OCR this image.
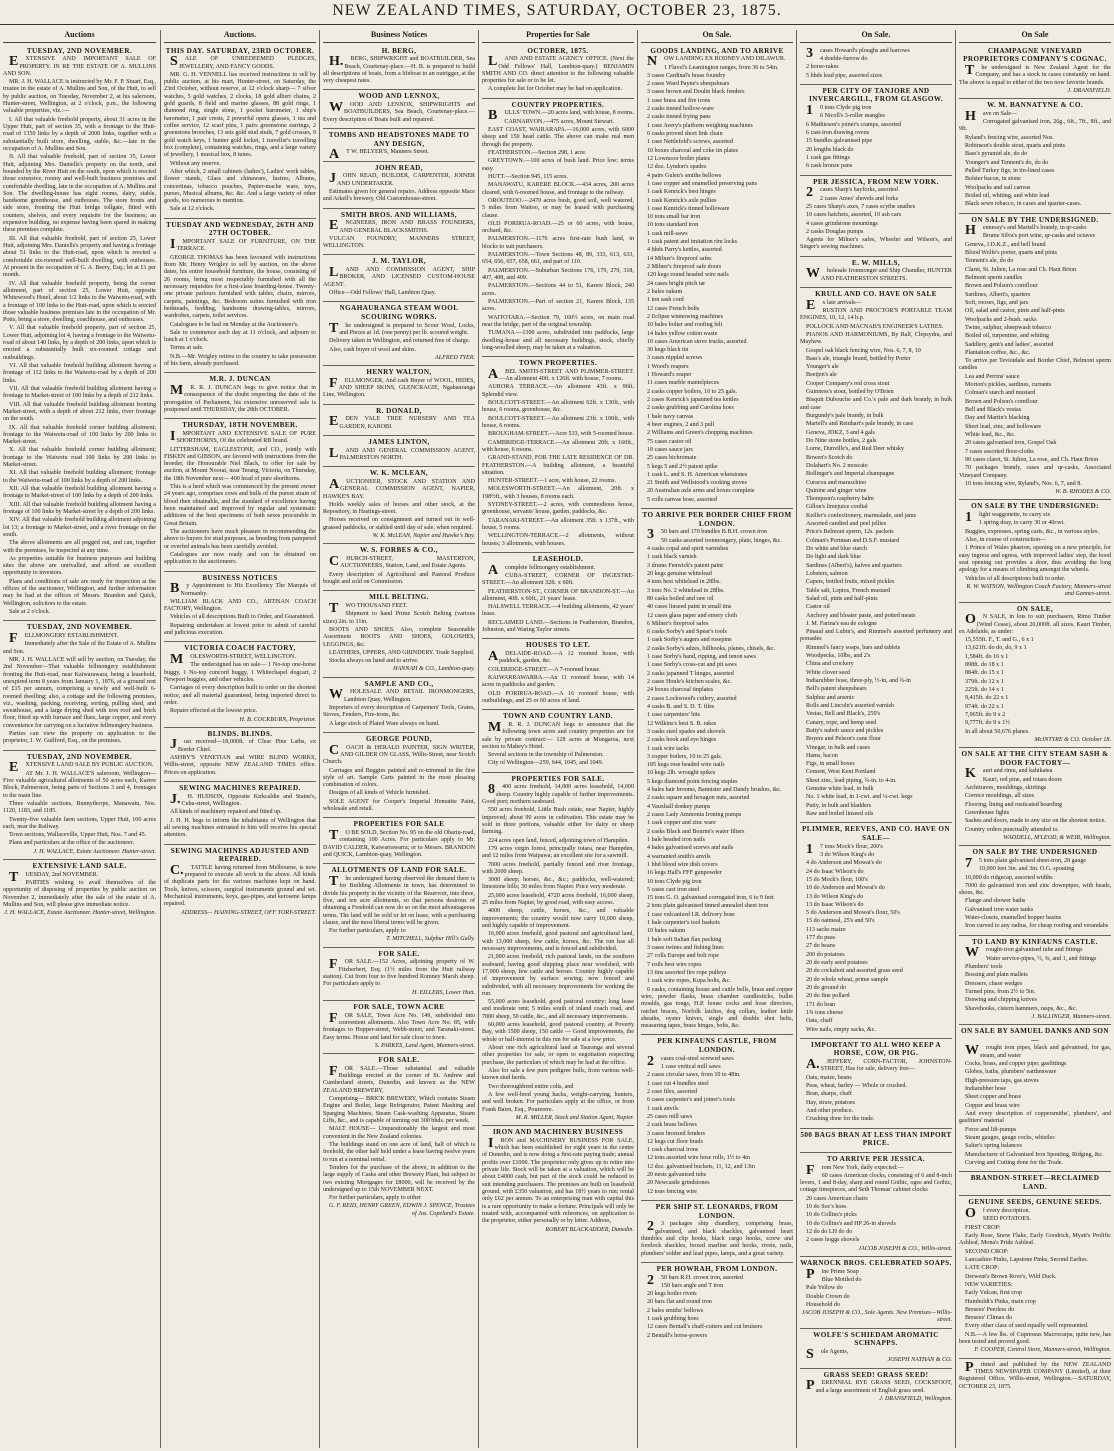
NEW ZEALAND TIMES, SATURDAY, OCTOBER 23, 1875.
Auctions
TUESDAY, 2ND NOVEMBER.

EXTENSIVE AND IMPORTANT SALE OF PROPERTY. IN RE THE ESTATE OF A. MULLINS AND SON.

MR. J. H. WALLACE is instructed by Mr. F. P. Stuart, Esq., trustee in the estate of A. Mullins and Son, of the Hutt, to sell by public auction, on Tuesday, November 2, at his saleroom, Hunter-street, Wellington, at 2 o'clock, p.m., the following valuable properties, viz.:—

I. All that valuable freehold property, about 31 acres in the Upper Hutt, part of section 35, with a frontage to the Hutt-road of 1350 links by a depth of 2000 links, together with a substantially built store, dwelling, stable, &c.—late in the occupation of A. Mullins and Son.

II. All that valuable freehold, part of section 35, Lower Hutt, adjoining Mrs. Daniells's property on the north, and bounded by the River Hutt on the south, upon which is erected those extensive, roomy and well-built business premises and comfortable dwelling, late in the occupation of A. Mullins and Son. The dwelling-house has eight rooms, dairy, stable, handsome greenhouse, and outhouses. The store fronts and side store, fronting the Hutt bridge tollgate, fitted with counters, shelves, and every requisite for the business; an expensive building, no expense having been spared in making these premises complete.

III. All that valuable freehold, part of section 25, Lower Hutt, adjoining Mrs. Daniells's property and having a frontage about 51 links to the Hutt-road, upon which is erected a comfortable six-roomed well-built dwelling, with outhouses. At present in the occupation of G. A. Beery, Esq.; let at £1 per month.

IV. All that valuable freehold property, being the corner allotment, part of section 25, Lower Hutt, opposite Whitewood's Hotel, about 1/2 links to the Waiwetu-road, with a frontage of 100 links to the Hutt-road, upon which is erected those valuable business premises late in the occupation of Mr. Potts, being a store, dwelling, coachhouse, and outhouses.

V. All that valuable freehold property, part of section 25, Lower Hutt, adjoining lot 4, having a frontage to the Waiwetu-road of about 140 links, by a depth of 200 links, upon which is erected a substantially built six-roomed cottage and outbuildings.

VI. All that valuable freehold building allotment having a frontage of 112 links to the Waiwetu-road by a depth of 200 links.

VII. All that valuable freehold building allotment having a frontage to Market-street of 100 links by a depth of 212 links.

VIII. All that valuable freehold building allotment fronting Market-street, with a depth of about 212 links, river frontage on the south.

IX. All that valuable freehold corner building allotment; frontage to the Waiwetu-road of 100 links by 200 links to Market-street.

X. All that valuable freehold corner building allotment; frontage to the Waiwetu road 100 links by 200 links to Market-street.

XI. All that valuable freehold building allotment; frontage to the Waiwetu-road of 100 links by a depth of 200 links.

XII. All that valuable freehold building allotment having a frontage to Market-street of 100 links by a depth of 200 links.

XIII. All that valuable freehold building allotment having a frontage of 100 links by Market-street by a depth of 200 links.

XIV. All that valuable freehold building allotment adjoining lot 13; a frontage to Market-street, and a river frontage on the south.

The above allotments are all pegged out, and can, together with the premises, be inspected at any time.

As properties suitable for business purposes and building sites the above are unrivalled, and afford an excellent opportunity to investors.

Plans and conditions of sale are ready for inspection at the offices of the auctioneer, Wellington, and further information may be had at the offices of Messrs. Brandon and Quick, Wellington, solicitors to the estate.

Sale at 2 o'clock.

TUESDAY, 2ND NOVEMBER.

FELLMONGERY ESTABLISHMENT.

Immediately after the Sale of the Estate of A. Mullins and Son.

MR. J. H. WALLACE will sell by auction, on Tuesday, the 2nd November—That valuable fellmongery establishment fronting the Hutt-road, near Kaiwarawara, being a leasehold, unexpired term 8 years from January 1, 1876, at a ground rent of £15 per annum, comprising a newly and well-built 6-roomed dwelling; also, a cottage and the following premises, viz., washing, packing, receiving, sorting, pulling shed, and sweathouse, and a large drying shed with iron roof and brick floor, fitted up with furnace and flues, large copper, and every convenience for carrying on a lucrative fellmongery business.

Parties can view the property on application to the proprietor, J. W. Guilford, Esq., on the premises.

TUESDAY, 2ND NOVEMBER.

EXTENSIVE LAND SALE BY PUBLIC AUCTION.

AT Mr. J. H. WALLACE'S saleroom, Wellington— Five valuable agricultural allotments of 50 acres each, Karere Block, Palmerston, being parts of Sections 3 and 4, frontages to the main line.

Three valuable sections, Bunnythorpe, Manawatu, Nos. 1120, 1183, and 1185.

Twenty-five valuable farm sections, Upper Hutt, 100 acres each, near the Railway.

Town sections, Wallaceville, Upper Hutt, Nos. 7 and 45.

Plans and particulars at the office of the auctioneer.

J. H. WALLACE, Estate Auctioneer. Hunter-street.
EXTENSIVE LAND SALE.

TUESDAY, 2nd NOVEMBER.

PARTIES wishing to avail themselves of the opportunity of disposing of properties by public auction on November 2, immediately after the sale of the estate of A. Mullins and Son, will please give immediate notice.

J. H. WALLACE, Estate Auctioneer. Hunter-street, Wellington.
Auctions.
THIS DAY. SATURDAY, 23RD OCTOBER.

SALE OF UNREDEEMED PLEDGES, JEWELLERY, AND FANCY GOODS.

MR. G. H. VENNELL has received instructions to sell by public auction, at his mart, Hunter-street, on Saturday, the 23rd October, without reserve, at 12 o'clock sharp— 7 silver watches, 5 gold watches, 2 clocks, 18 gold albert chains, 2 gold guards, 8 field and marine glasses, 88 gold rings, 1 diamond ring, single stone, 1 pocket barometer, 1 ship's barometer, 1 pair crests, 2 powerful opera glasses, 1 tea and coffee service, 12 scarf pins, 1 pairs greenstone earrings, 2 greenstone brooches, 13 sets gold stud studs, 7 gold crosses, 9 gold watch keys, 1 hunter gold locket, 1 traveller's travelling box (complete), containing watches, rings, and a large variety of jewellery, 1 musical box, 8 tunes.

Without any reserve.

After which, 2 small cabinets (ladies'), Ladies' work tables, flower stands, Glass and chinaware, lustres, Albums, concertinas, tobacco pouches, Papier-mache ware, toys, purses, Musical albums, &c. &c. And a large variety of other goods, too numerous to mention.

Sale at 12 o'clock.

TUESDAY AND WEDNESDAY, 26TH AND 27TH OCTOBER.

IMPORTANT SALE OF FURNITURE, ON THE TERRACE.

GEORGE THOMAS has been favoured with instructions from Mr. Henry Wrigley to sell by auction, on the above dates, his entire household furniture, the house, consisting of 26 rooms, being most respectably furnished with all the necessary requisites for a first-class boarding-house. Twenty-one private parlours furnished with tables, chairs, mirrors, carpets, paintings, &c. Bedroom suites furnished with iron bedsteads, bedding, handsome drawing-tables, mirrors, wardrobes, carpets, toilet services.

Catalogues to be had on Monday at the Auctioneer's.

Sale to commence each day at 11 o'clock, and adjourn to lunch at 1 o'clock.

Terms at sale.

N.B.—Mr. Wrigley retires to the country to take possession of his farm, already purchased.

M.R. J. DUNCAN

MR. R. J. DUNCAN begs to give notice that in consequence of the doubt respecting the date of the prorogation of Parliament, his extensive unreserved sale is postponed until THURSDAY, the 28th OCTOBER.

THURSDAY, 18TH NOVEMBER.

IMPORTANT AND EXTENSIVE SALE OF PURE SHORTHORNS, Of the celebrated RB brand.

LITTERSHAM, EAGLESTONE, and CO., jointly with FISKEN and GIBSON, are favored with instructions from the breeder, the Honourable Niel Black, to offer for sale by auction, at Mount Noorat, near Terang, Victoria, on Thursday, the 18th November next— 400 head of pure shorthorns.

This is a herd which was commenced by the present owner 24 years ago, comprises cows and bulls of the purest strain of blood then obtainable, and the standard of excellence having been maintained and improved by regular and systematic additions of the best specimens of both sexes procurable in Great Britain.

The auctioneers have much pleasure in recommending the above to buyers for stud purposes, as breeding from pampered or overfed animals has been carefully avoided.

Catalogues are now ready and can be obtained on application to the auctioneers.

BUSINESS NOTICES

By Appointment to His Excellency The Marquis of Normanby.

WILLIAM BLACK AND CO., ARTISAN COACH FACTORY, Wellington.

Vehicles of all descriptions Built to Order, and Guaranteed.

Repairing undertaken at lowest price to admit of careful and judicious execution.

VICTORIA COACH FACTORY,

MOLESWORTH-STREET, WELLINGTON.

The undersigned has on sale— 1 No-top one-horse buggy, 1 No-top concord buggy, 1 Whitechapel dogcart, 2 Newport buggies, and other vehicles.

Carriages of every description built to order on the shortest notice, and all material guaranteed, being imported direct to order.

Repairs effected at the lowest price.

H. B. COCKBURN, Proprietor.
BLINDS. BLINDS.

Just received—18,000ft. of Clear Pine Laths, ex Border Chief.

ASHBY'S VENETIAN and WIRE BLIND WORKS, Willis-street, opposite NEW ZEALAND TIMES office. Prices on application.

SEWING MACHINES REPAIRED.

J.H. HUDSON, Opposite Kirkcaldie and Staine's, Cuba-street, Wellington.

All kinds of machinery repaired and fitted up.

J. H. H. begs to inform the inhabitants of Wellington that all sewing machines entrusted to him will receive his special attention.

SEWING MACHINES ADJUSTED AND REPAIRED.

C.TATTLE having returned from Melbourne, is now prepared to execute all work in the above. All kinds of duplicate parts for the various machines kept on hand. Tools, knives, scissors, surgical instruments ground and set. Mechanical instruments, keys, gas-pipes, and kerosene lamps repaired.

ADDRESS— HAINING-STREET, OFF TORY-STREET.
Business Notices
H. BERG,

H.BERG, SHIPWRIGHT and BOATBUILDER, Sea Beach, Courtenay-place.—H. B. is prepared to build all descriptions of boats, from a lifeboat to an outrigger, at the very cheapest rates.

WOOD AND LENNOX,

WOOD AND LENNOX, SHIPWRIGHTS and BOATBUILDERS, Sea Beach, Courtenay-place.—Every description of Boats built and repaired.

TOMBS AND HEADSTONES MADE TO ANY DESIGN,

AT W. HELYER'S, Manners Street.

JOHN READ,

JOHN READ, BUILDER, CARPENTER, JOINER AND UNDERTAKER.

Estimates given for general repairs. Address opposite Mace and Arkell's brewery, Old Customhouse-street.

SMITH BROS. AND WILLIAMS,

ENGINEERS, IRON AND BRASS FOUNDERS, AND GENERAL BLACKSMITHS.

VULCAN FOUNDRY, MANNERS STREET, WELLINGTON.

J. M. TAYLOR,

LAND AND COMMISSION AGENT, SHIP BROKER, AND LICENSED CUSTOM-HOUSE AGENT.

Office—Odd Fellows' Hall, Lambton Quay.

NGAHAURANGA STEAM WOOL SCOURING WORKS.

The undersigned is prepared to Scour Wool, Locks, and Pieces at 1d. (one penny) per lb. scoured weight.

Delivery taken in Wellington, and returned free of charge.

Also, cash buyer of wool and skins.

ALFRED TYER.
HENRY WALTON,

FELLMONGER, And cash Buyer of WOOL, HIDES, AND SHEEP SKINS, GLENCRAGIE, Ngahauranga Line, Wellington.

R. DONALD,

EDEN VALE TREE NURSERY AND TEA GARDEN, KAROBI.

JAMES LINTON,

LAND AND GENERAL COMMISSION AGENT, PALMERSTON NORTH.

W. K. MCLEAN,

AUCTIONEER, STOCK AND STATION AND GENERAL COMMISSION AGENT, NAPIER, HAWKE'S BAY.

Holds weekly sales of horses and other stock, at the Repository, in Hastings-street.

Horses received on consignment and turned out in well-grassed paddocks, or stabled until day of sale, when required.

W. K. McLEAN, Napier and Hawke's Bay.
W. S. FORBES & CO.,

CHURCH-STREET, MASTERTON, AUCTIONEERS, Station, Land, and Estate Agents.

Every description of Agricultural and Pastoral Produce bought and sold on Commission.

MILL BELTING.

TWO THOUSAND FEET.

Shipment to hand Prime Scotch Belting (various sizes) 2in. to 11in.

BOOTS AND SHOES. Also, complete Seasonable Assortment BOOTS AND SHOES, GOLOSHES, LEGGINGS, &c.

LEATHERS, UPPERS, AND GRINDERY. Trade Supplied.

Stocks always on hand and to arrive.

HANNAH & CO., Lambton-quay.
SAMPLE AND CO.,

WHOLESALE AND RETAIL IRONMONGERS, Lambton Quay, Wellington.

Importers of every description of Carpenters' Tools, Grates, Stoves, Fenders, Fire-irons, &c.

A large stock of Plated Ware always on hand.

GEORGE POUND,

COACH & HERALD PAINTER, SIGN WRITER, AND GILDER ON GLASS, Willis-Street, near Scotch Church.

Carriages and Buggies painted and re-trimmed in the first style of art. Sample Carts painted in the most pleasing combination of colors.

Designs of all kinds of Vehicle furnished.

SOLE AGENT for Cooper's Imperial Hematite Paint, wholesale and retail.

PROPERTIES FOR SALE

TO BE SOLD, Section No. 95 on the old Ohariu-road, containing 100 Acres. For particulars apply to Mr. DAVID CALDER, Kaiwarrawarra; or to Messrs. BRANDON and QUICK, Lambton-quay, Wellington.

ALLOTMENTS OF LAND FOR SALE.

The undersigned having observed the demand there is for Building Allotments in town, has determined to divide his property in the vicinity of the Reservoir, into three, five, and ten acre allotments, so that persons desirous of obtaining a Freehold can now do so on the most advantageous terms. The land will be sold or let on lease, with a purchasing clause, and the most liberal terms will be given.

For further particulars, apply to

T. MITCHELL, Sulphur Hill's Gully.
FOR SALE.

FOR SALE.—152 Acres, adjoining property of W. Fitzherbert, Esq. (1½ miles from the Hutt railway station). Cut from four to five hundred Romney Marsh sheep. For particulars apply to

H. EILLERS, Lower Hutt.
FOR SALE, TOWN ACRE

FOR SALE, Town Acre No. 149, subdivided into convenient allotments. Also Town Acre No. 85, with frontages to Hopper-street, Webb-street, and Taranaki-street. Easy terms. House and land for sale close to town.

S. PARKES, Land Agent, Manners-street.
FOR SALE.

FOR SALE.—Those substantial and valuable Buildings erected at the corner of St. Andrew and Cumberland streets, Dunedin, and known as the NEW ZEALAND BREWERY,

Comprising— BRICK BREWERY, Which contains Steam Engine and Boiler, large Refrigerator, Patent Mashing and Sparging Machines, Steam Cask-washing Apparatus, Steam Lifts, &c., and is capable of turning out 300 bhds. per week.

MALT HOUSE— Unquestionably the largest and most convenient in the New Zealand colonies.

The buildings stand on one acre of land, half of which is freehold, the other half held under a lease having twelve years to run at a nominal rental.

Tenders for the purchase of the above, in addition to the large supply of Casks and other Brewery Plant, but subject to two existing Mortgages for £8000, will be received by the undersigned up to 15th NOVEMBER NEXT.

For further particulars, apply to either

G. F. REID, HENRY GREEN, EDWIN J. SPENCE, Trustees of Jas. Copeland's Estate.
Properties for Sale
OCTOBER, 1875.

LAND AND ESTATE AGENCY OFFICE. (Next the Odd Fellows' Hall, Lambton-quay.) BENJAMIN SMITH AND CO. direct attention to the following valuable properties for sale or to be let.

A complete list for October may be had on application.

COUNTRY PROPERTIES.

BULLS' TOWN.—20 acres land, with house, 8 rooms.

CARNARVON.—475 acres, Mount Stewart.

EAST COAST, WAIRARAPA.—16,000 acres, with 6000 sheep and 150 head cattle. The above can make real men through the property.

FEATHERSTON.—Section 298, 1 acre.

GREYTOWN.—100 acres of bush land. Price low; terms easy.

HUTT.—Section 945, 115 acres.

MANAWATU, KARERE BLOCK.—434 acres, 200 acres cleared, with 6-roomed house, and frontage to the railway.

OROUTEOO.—2470 acres bush, good soil, well watered, 5 miles from Waitoo, or may be leased with purchasing clause.

OLD PORIRUA-ROAD.—25 or 60 acres, with house, orchard, &c.

PALMERSTON.—1176 acres first-rate bush land, in blocks to suit purchasers.

PALMERSTON.—Town Sections 48, 89, 333, 613, 633, 654, 656, 657, 658, 661, and part of 110.

PALMERSTON.—Suburban Sections 176, 179, 279, 318, 407, 408, and 409.

PALMERSTON.—Sections 44 to 51, Karere Block, 240 acres.

PALMERSTON.—Part of section 21, Karere Block, 135 acres.

WAITOTARA.—Section 79, 160½ acres, on main road near the bridge, part of the original township.

TUMANA.—1300 acres, subdivided into paddocks, large dwelling-house and all necessary buildings, stock, chiefly long-woolled sheep, may be taken at a valuation.

TOWN PROPERTIES.

ABEL SMITH-STREET AND PLIMMER-STREET.—An allotment 40ft. x 126ft. with house, 7 rooms.

AURORA TERRACE.—An allotment 43ft. x 96ft. Splendid view.

BOULCOTT-STREET.—An allotment 62ft. x 130ft., with house, 6 rooms, greenhouse, &c.

BOULCOTT-STREET.—An allotment 23ft. x 100ft., with house, 6 rooms.

BROUGHAM-STREET.—Acre 533, with 5-roomed house.

CAMBRIDGE-TERRACE.—An allotment 20ft. x 160ft., with house, 6 rooms.

GRAND-STAND, FOR THE LATE RESIDENCE OF DR. FEATHERSTON.—A building allotment, a beautiful situation.

HUNTER-STREET.—1 acre, with house, 22 rooms.

MOLESWORTH-STREET.—An allotment, 20ft. x 198½ft., with 3 houses, 8 rooms each.

SYDNEY-STREET.—2 acres, with commodious house, greenhouse, servants' house, garden, paddocks, &c.

TARANAKI-STREET.—An allotment 35ft. x 137ft., with house, 5 rooms.

WELLINGTON-TERRACE.—2 allotments, without houses; 3 allotments, with houses.

LEASEHOLD.

Acomplete fellmongery establishment.

CUBA-STREET, CORNER OF INGESTRE-STREET.—An allotment 32ft. x 60ft.

FEATHERSTON-ST., CORNER OF BRANDON-ST.—An allotment, 40ft. x 60ft., 21 years' lease.

HALSWELL TERRACE.—4 building allotments, 42 years' lease.

RECLAIMED LAND.—Sections in Featherston, Brandon, Johnston, and Waring Taylor streets.

HOUSES TO LET.

ADELAIDE-ROAD.—A 12 roomed house, with paddock, garden, &c.

COLERIDGE-STREET.—A 7-roomed house.

KAIWARRAWARRA.—An 11 roomed house, with 14 acres in paddocks and garden.

OLD PORIRUA-ROAD.—A 16 roomed house, with outbuildings, and 25 or 60 acres of land.

TOWN AND COUNTRY LAND.

MR. R. J. DUNCAN begs to announce that the following town acres and country properties are for sale by private contract:— 128 acres at Mungaroa, next section to Mahey's Hotel.

Several sections in the township of Palmerston.

City of Wellington—259, 644, 1045, and 1049.

PROPERTIES FOR SALE.

8400 acres freehold, 14,000 acres leasehold, 14,000 sheep. Country highly capable of further improvements. Good port; northern seaboard.

550 acres freehold, Little Bush estate, near Napier, highly improved; about 90 acres in cultivation. This estate may be sold in three portions, valuable either for dairy or sheep farming.

224 acres open land, fenced, adjoining town of Hampden.

179 acres virgin forest, principally totara, near Hampden, and 12 miles from Waipawa; an excellent site for a sawmill.

7000 acres freehold, partially fenced and river frontage, with 2600 sheep.

3000 sheep; horses, &c., &c.; paddocks, well-watered; limestone hills; 30 miles from Napier. Price very moderate.

25,000 acres leasehold, 4720 acres freehold, 16,000 sheep, 25 miles from Napier, by good road, with easy access.

4000 sheep, cattle, horses, &c., and valuable improvements; the country would now carry 10,000 sheep, and highly capable of improvement.

16,000 acres freehold, good pastoral and agricultural land, with 13,000 sheep, few cattle, horses, &c. The run has all necessary improvements, and is fenced and subdivided.

21,000 acres freehold, rich pastoral lands, on the southern seaboard, having good shipping place near woolshed, with 17,000 sheep, few cattle and horses. Country highly capable of improvement by surface sowing; now fenced and subdivided, with all necessary improvements for working the run.

55,000 acres leasehold, good pastoral country; long lease and moderate rent; 5 miles south of inland coach road, and 7000 sheep, 50 cattle, &c., and all necessary improvements.

60,000 acres leasehold, good pastoral country, at Poverty Bay, with 1500 sheep, 150 cattle — Good improvements, the whole or half-interest in this run for sale at a low price.

About one rich agricultural land at Tauranga and several other properties for sale, or open to negotiation respecting purchase, the particulars of which may be had at the office.

Also for sale a few pure pedigree bulls, from various well-known stud herds.

Two thoroughbred entire colts, and

A few well-bred young hacks, weight-carrying, hunters, and well broken. For particulars apply at the office, or from Frank Bairn, Esq., Pourerere.

M. R. MILLER, Stock and Station Agent, Napier.
IRON AND MACHINERY BUSINESS

IRON and MACHINERY BUSINESS FOR SALE, which has been established for eight years in the centre of Dunedin, and is now doing a first-rate paying trade; annual profits over £1000. The proprietor only gives up to retire into private life. Stock will be taken at a valuation, which will be about £4000 cash, but part of the stock could be reduced to suit intending purchasers. The premises are built on leasehold ground, with £350 valuation, and has 18½ years to run; rental only £62 per annum. To an enterprising man with capital this is a rare opportunity to make a fortune. Principals will only be treated with, accompanied with references, on application to the proprietor, either personally or by letter. Address,

ROBERT BLACKADDER, Dunedin.
On Sale.
GOODS LANDING, AND TO ARRIVE

NOW LANDING EX RODNEY AND DILAWUR.

1 Flavel's Leamington ranges, from 36 to 54in.

3 cases Cardinal's brass foundry

2 cases Ward Payne's sheepshears

3 cases brown and Doulin black fenders

1 case brass and fire irons

2 casks tinned hollow-ware

2 casks tinned frying pans

1 case Avery's platform weighing machines

6 casks proved short link chain

1 case Nettlefold's screws, assorted

10 boxes charcoal and coke tin plates

12 Lowmoor boiler plates

12 doz. Lyndon's spades

4 pairs Gulen's smiths bellows

1 case copper and enamelled preserving pans

1 cask Kenrick's best hinges

1 cask Kenrick's axle pullies

1 case Kenrick's tinned holloware

10 tons small bar iron

10 tons standard iron

1 cask mill-saws

1 cask patent and imitation rim locks

4 hhds Parry's kettles, assorted

14 Milner's fireproof safes

2 Milner's fireproof safe doors

120 kegs round headed wire nails

24 cases bright pitch tar

2 bales oakum

1 ton sash cord

12 cases French bolts

2 Eclipse winnowing machines

10 bales bolter and roofing felt

14 bales yellow cotton waste

10 cases American stove trucks, assorted

30 kegs black tin

3 cases nippled screws

1 Wood's reapers

1 Howard's reaper

11 cases marble mantelpieces

2 casks copper boilers, 10 to 25 gals.

2 cases Kenrick's japanned tea kettles

2 casks grubbing and Carolina hoes

1 bale navy canvas

4 beer engines, 2 and 3 pull

2 Williams and Green's chopping machines

75 cases castor oil

10 cases sauce jars

25 cases bichromate

5 kegs 5 and 2½ patent spike

1 cask L. and S. H. American whetstones

21 Smith and Wellstood's cooking stoves

20 Australian axle arms and boxes complete

5 colls canvas hose, assorted

TO ARRIVE PER BORDER CHIEF FROM LONDON.

350 bars and 170 bundles B.B.H. crown iron

50 casks assorted ironmongery, plate, hinges, &c.

4 casks copal and spirit varnishes

1 cask black varnish

3 drums Fenwick's patent paint

20 kegs genuine whitelead

4 tons best whitelead in 28lbs.

3 tons No. 2 whitelead in 28lbs.

80 casks boiled and raw oil

40 cases linseed paint in small tins

12 cases glass paper and emery cloth

6 Milner's fireproof safes

6 casks Sorby's and Spear's tools

1 cask Sorby's augers and rosepins

2 casks Sorby's adzes, billhooks, planes, chisels, &c.

1 case Sorby's hand, ripping, and tenon saws

1 case Sorby's cross-cut and pit saws

2 casks japanned T hinges, assorted

2 cases Houle's kitchen scales, &c.

24 boxes charcoal tinplates

2 cases Lockwood's cutlery, assorted

4 casks B. and S. D. T. files

1 case carpenters' bits

12 Wilkins's best S. B. rakes

3 casks steel spades and shovels

2 casks hook and eye hinges

1 cask wire tacks

3 copper boilers, 10 to 25 gals.

185 kegs rose headed wire nails

10 kegs 2lb. wrought spikes

5 kegs diamond point fencing staples

4 bales hair brooms, Bannister and Dandy brushes, &c.

2 casks square and hexagon nuts, assorted

4 Vauxhall donkey pumps

2 cases Lady Ammonia Ironing pumps

1 cask copper and zinc ware

2 casks Black and Bourne's water filters

1 bale headed iron nails

4 bales galvanised screws and nails

4 warranted smith's anvils

1 hhd blood wire dish covers

16 kegs Hall's FFF gunpowder

10 tons Clyde pig iron

5 cases cast iron steel

15 tons G. O. galvanised corrugated iron, 6 to 9 feet

2 tons plain galvanised tinned annealed sheet iron

1 case vulcanized I.R. delivery hose

1 bale carpenter's tool baskets

10 bales oakum

1 bale soft Italian flax packing

3 cases twines and fishing lines

27 colls Europe and bolt rope

7 coils best wire ropes

13 tins assorted fire rope pulleys

1 cask wire ropes, Kupa bolts, &c.

6 casks, containing house and cattle bells, brass and copper wire, powder flasks, brass chamber candlesticks, bullet moulds, gas tongs, H.P. house cocks and hose directors, ratchet braces, Norfolk latches, dog collars, leather knife sheaths, oyster knives, single and double shot belts, measuring tapes, brass hinges, bolts, &c.

PER KINFAUNS CASTLE, FROM LONDON.

2cases coal-steel screwed saws

1 case vertical mill saws

2 cases circular saws, from 10 to 48in.

1 case cut 4 bundles steel

2 case files, assorted

6 cases carpenter's and joiner's tools

1 cask anvils

25 cases mill saws

2 cask brass bellows

3 cases bronzed fenders

12 kegs cut floor brads

1 cask charcoal irons

12 tons assorted wire hose rolls, 1½ to 4in

12 doz. galvanised buckets, 11, 12, and 13in

20 nests galvanised tubs

20 Newcastle grindstones

12 tons fencing wire

PER SHIP ST. LEONARDS, FROM LONDON.

23 packages ship chandlery, comprising brass, galvanised, and black shackles, galvanised heart thimbles and clip hooks, black cargo hooks, screw and forelock shackles, boxed marline and hooks, rivets, nails, plumbers' solder and lead pipes, lamps, and a great variety.

PER HOWRAH, FROM LONDON.

250 bars R.H. crown iron, assorted

150 bars angle and T iron

20 kegs boiler rivets

20 bars flat and round iron

2 bales smiths' bellows

1 cask grubbing hoes

12 cases Bentall's chaff-cutters and cut bruisers

2 Bentall's horse-powers

On Sale.

3cases Howard's ploughs and harrows

4 double-furrow do

2 horse-rakes

5 hhds lead pipe, assorted sizes

PER CITY OF TANJORE AND INVERCARGILL, FROM GLASGOW.

10 tons Clyde pig iron

6 Nicoll's 3-roller mangles

6 Mathieson's joiner's cramps, assorted

6 cast-iron drawing ovens

15 bundles galvanised pipe

20 lengths black do

1 cask gas fittings

6 cask bronze pans

PER JESSICA, FROM NEW YORK.

2cases Sharp's hayforks, assorted

2 cases Ames' shovels and forks

25 cases Sharp's axes, 7 cases scythe snathes

10 cases hatchets, assorted, 10 ash cars

4 cases grindstone mountings

2 casks Douglas pumps

Agents for Milner's safes, Wheeler and Wilson's, and Singer's sewing machines.

E. W. MILLS,

Wholesale Ironmonger and Ship Chandler, HUNTER AND FEATHERSTON STREETS.

KRULL AND CO. HAVE ON SALE

Ex late arrivals—

RUSTON AND PROCTOR'S PORTABLE TEAM ENGINES, 10, 12, 14 h.p.

POLLOCK AND MACNAB'S ENGINEER'S LATHES.

PIANOS AND HARMONIUMS, By Ralf, Clepsydra, and Mayhew.

Gospel oak black fencing wire, Nos. 6, 7, 8, 10

Bass's ale, triangle brand, bottled by Porter

Younger's ale

Beetjen's ale

Cooper Company's red cross stout

Guinness's stout, bottled by O'Brien

Bisquit Dubouche and Co.'s pale and dark brandy, in bulk and case

Burgundy's pale brandy, in bulk

Martell's and Reinhart's pale brandy, in case

Geneva, JDKZ, 3 and 4 gals

Do Nine stone bottles, 2 gals

Lorne, Dunville's, and Red Deer whisky

Bowen's Scotch do

Dolahart's No. 2 moscato

Bollinger's and Imperial champagne

Curacoa and maraschino

Quinine and ginger wine

Thompson's raspberry balm

Gillon's limejuice cordial

Keiller's confectionery, marmalade, and jams

Assorted candied and peel jellies

Price's Belmont sperm, 12s. packets

Colman's Portman and D.S.F. mustard

Do white and blue starch

Do light and dark blue

Sardines (Albert's), halves and quarters

Lobsters, salmon

Capers, bottled fruits, mixed pickles

Table salt, Leptos, French mustard

Salad oil, pints and half-pints

Castor oil

Anchovy and bloater paste, and potted meats

J. M. Farina's eau de cologne

Pinaud and Lubin's, and Rimmel's assorted perfumery and pomades

Rimmel's fancy soaps, bars and tablets

Woodpecks, 10lbs, and 2's

China and crockery

White clover seed

Indiarubber hose, three-ply, ½-in, and ¾-in

Bell's patent sheepshears

Sulphur and arsenic

Rolls and Lincoln's assorted varnish

Vestas, Bell and Black's, 250's

Canary, rope, and hemp seed

Batty's nabob sauce and pickles

Boyers and Pelson's cane flour

Vinegar, in bulk and cases

Hams, bacon

Figs, in small boxes

Cement, West Kent Portland

Sheet zinc, lead piping, ¾-in. to 4-in.

Genuine white lead, in bulk

No. 1 white lead, in 1-cwt. and ¼-cwt. kegs

Putty, in bulk and bladders

Raw and boiled linseed oils

PLIMMER, REEVES, AND CO. HAVE ON SALE—

17 tons Mock's flour, 200's

3 do Wilson King's do

4 do Anderson and Mowat's do

24 do Isaac Wilson's do

15 do Mock's flour, 100's

10 do Anderson and Mowat's do

13 do Wilson King's do

13 do Isaac Wilson's do

5 do Anderson and Mowat's flour, 50's

15 do oatmeal, 25's and 50's

113 sacks maize

177 do peas

27 do beans

200 do potatoes

20 do early seed potatoes

20 do cockshott and assorted grass seed

20 do whole wheat, prime sample

20 do ground do

20 do fine pollard

171 do bran

1¾ tons cheese

Oats, chaff

Wire nails, empty sacks, &c.

IMPORTANT TO ALL WHO KEEP A HORSE, COW, OR PIG.

A.JEFFERY, CORN-FACTOR, JOHNSTON-STREET, Has for sale, delivery free—

Oats, maize, beans

Peas, wheat, barley — Whole or crushed.

Bran, sharps, chaff

Hay, straw, potatoes

And other produce.

Crushing done for the trade.

500 BAGS BRAN AT LESS THAN IMPORT PRICE.
TO ARRIVE PER JESSICA.

From New York, daily expected:—

60 cases American clocks, consisting of 6 and 8-inch levers, 1 and 8-day, sharp and round Gothic, ogee and Gothic, cottage timepieces, and Seth Thomas' cabinet clocks

20 cases American chairs

10 do Soc's hoes

10 do Collins's picks

10 do Collins's and HP 26-in shovels

12 do do LH do do

2 cases hoggs shovels

JACOB JOSEPH & CO., Willis-street.
WARNOCK BROS. CELEBRATED SOAPS.

Pine Prime Soap

Blue Mottled do

Pale Yellow do

Double Crown do

Household do

JACOB JOSEPH & CO., Sole Agents. New Premises—Willis-street.
WOLFE'S SCHIEDAM AROMATIC SCHNAPPS.

Sole Agents,

JOSEPH NATHAN & CO.
GRASS SEED! GRASS SEED!

PERENNIAL RYE GRASS SEED, COCKSFOOT, and a large assortment of English grass seed.

J. DRANSFIELD, Wellington.
On Sale
CHAMPAGNE VINEYARD PROPRIETORS COMPANY'S COGNAC.

The undersigned is New Zealand Agent for the Company, and has a stock in cases constantly on hand. The above is equal to either of the two now favorite brands.

J. DRANSFIELD.
W. M. BANNATYNE & CO.

Have on Sale—

Corrugated galvanised iron, 26g., 6ft., 7ft., 8ft., and 9ft.

Ryland's fencing wire, assorted Nos.

Robinson's double stout, quarts and pints

Bass's pyramid ale, do do

Younger's and Tennent's do, do do

Pulled Turkey figs, in tin-lined cases

Bolster bacon, in stone

Woolpacks and sail canvas

Boiled oil, whiting, and white lead

Black sewn tobacco, in cases and quarter-cases.

ON SALE BY THE UNDERSIGNED.

Hennessy's and Martell's brandy, in qr-casks

Brume Silva's port wine, qr-casks and octaves

Geneva, J.D.K.Z., and bell brand

Blood Wolfe's porter, quarts and pints

Tennent's ale, do do

Claret, St. Julien, La rose and Ch. Haut Brion

Belmont sperm candles

Brown and Polson's cornflour

Sardines, Albert's, quarters

Soft, rooses, figs, and jars

Oil, salad and castor, pints and half-pints

Woolpacks and 2-bush. sacks

Twine, sulphur, sheepwash tobacco

Boiled oil, turpentine, and whiting

Saddlery, gent's and ladies', assorted

Plantation coffee, &c., &c.

To arrive per Teviotdale and Border Chief, Belmont sperm candles

Lea and Perrins' sauce

Morton's pickles, sardines, currants

Colman's starch and mustard

Brown and Polson's cornflour

Bell and Black's vestas

Day and Martin's blacking

Sheet lead, zinc, and holloware

White lead, &c., &c.

20 cases galvanised iron, Gospel Oak

7 cases assorted floor-cloths

90 cases claret, St. Julien, La rose, and Ch. Haut Brion

70 packages brandy, cases and qr-casks, Associated Vineyard Company.

10 tons fencing wire, Ryland's, Nos. 6, 7, and 8.

W. B. RHODES & CO.
ON SALE BY THE UNDERSIGNED:

1light waggonette, to carry six

1 spring dray, to carry 30 or 40cwt.

Buggies, expresses, spring carts, &c., in various styles.

Also, in course of construction—

1 Prince of Wales phaeton, opening on a new principle, for easy ingress and egress, with improved ladies' step, the hood seat opening out provides a door, thus avoiding the long apology for a means of climbing amongst the wheels.

Vehicles of all descriptions built to order.

R. W. WATSON, Wellington Coach Factory, Manners-street and Gannes-street.
ON SALE,

ON SALE, in lots to suit purchasers, Rimu Timber (Wind Cease), about 20,000ft. all sizes. Kauri Timber, ex Adelaide, as under:

15,555ft. F., T. and G., 6 x 1

13,621ft. do do, do, 9 x 1

1,584ft. do 16 x 1

898ft. do 18 x 1

884ft. do 15 x 1

379ft. do 12 x 1

225ft. do 14 x 1

9,415ft. do 22 x 1

974ft. do 22 x 1

7,065ft. do 9 x 2

9,777ft. do 9 x 1½

In all about 50,676 planes.

McINTYRE & CO. October 18.
ON SALE AT THE CITY STEAM SASH & DOOR FACTORY—

Kauri and rimu, and kahikatea

Kauri, red pine, and totara doors

Architraves, mouldings, skirtings

Cornice mouldings, all sizes

Flooring, lining and rusticated boarding

Greenhouse lights

Sashes and doors, made to any size on the shortest notice.

Country orders punctually attended to.

WADDELL, M'LEOD, & WEIR, Wellington.
ON SALE BY THE UNDERSIGNED

75 tons plain galvanised sheet-iron, 28 gauge

10,000 feet 3in. and 3in. O.G. spouting

10,000 do ridgecap, assorted widths

7000 do galvanised iron and zinc downpipes, with heads, shoes, &c.

Flange and shower baths

Galvanised iron water tanks

Water-closets, enamelled hopper basins

Iron curved to any radius, for cheap roofing and verandahs

TO LAND BY KINFAUNS CASTLE.

Wrought-iron galvanised tube and fittings

Water service-pipes, ½, ⅜, and 1, and fittings

Plumbers' tools

Bossing and plain mallets

Dressers, chase wedges

Turned pins, from 2½ to 5in.

Drawing and chipping knives

Shavehooks, cistern hammers, rasps, &c., &c.

J. BALLINGER, Manners-street.
ON SALE BY SAMUEL DANKS AND SON—

Wrought iron pipes, black and galvanised, for gas, steam, and water

Cocks, brass, and copper pipe; gasfittings

Globes, baths, plumbers' earthenware

High-pressure taps, gas stoves

Indiarubber hose

Sheet copper and brass

Copper and brass wire

And every description of coppersmiths', plumbers', and gasfitters' material

Force and lift-pumps

Steam gauges, gauge cocks, whistles

Salter's spring balances

Manufacturer of Galvanised Iron Spouting, Ridging, &c.

Curving and Cutting done for the Trade.

BRANDON-STREET—RECLAIMED LAND.
GENUINE SEEDS, GENUINE SEEDS.

Of every description.

SEED POTATOES.

FIRST CROP:

Early Rose, Snow Flake, Early Goodrich, Myatt's Prolific Ashleaf, Mona's Pride Ashleaf.

SECOND CROP:

Lancashire Pinks, Lapstone Pinks, Second Earlies.

LATE CROP:

Derwent's Brown Rove's, Wild Duck.

NEW VARIETIES:

Early Vulcan, first crop

Humboldt's Pinks, main crop

Bresees' Peerless do

Bresees' Climax do

Every other class of seed equally well represented.

N.B.—A few lbs. of Cupressus Macrocarpa, quite new, has been tested and proved good.

F. COOPER, Central Store, Manners-street, Wellington.

Printed and published by the NEW ZEALAND TIMES NEWSPAPER COMPANY (Limited), at their Registered Office, Willis-street, Wellington.—SATURDAY, OCTOBER 23, 1875.
